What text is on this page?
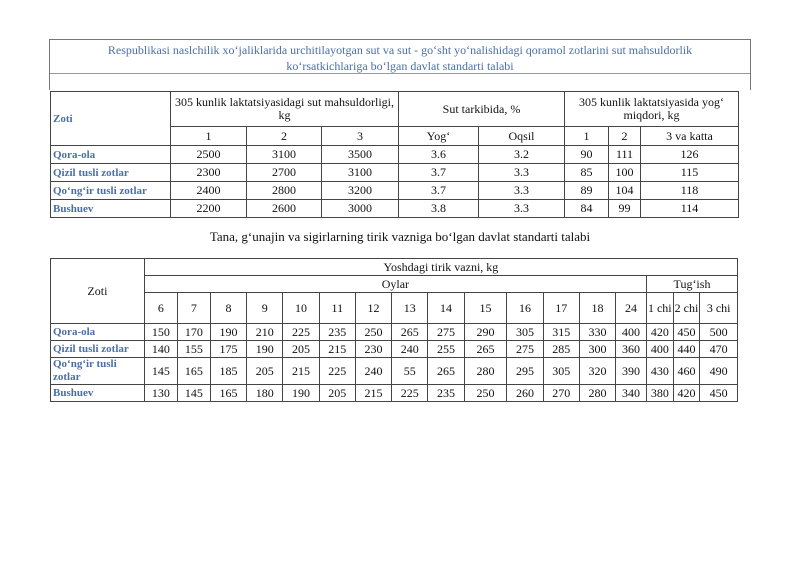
Respublikasi naslchilik xo‘jaliklarida urchitilayotgan sut va sut - go‘sht yo‘nalishidagi qoramol zotlarini sut mahsuldorlik
ko‘rsatkichlariga bo‘lgan davlat standarti talabi
Zoti	305 kunlik laktatsiyasidagi sut mahsuldorligi, kg			Sut tarkibida, %		305 kunlik laktatsiyasida yog‘ miqdori, kg		
	1	2	3	Yog‘	Oqsil	1	2	3 va katta
Qora-ola	2500	3100	3500	3.6	3.2	90	111	126
Qizil tusli zotlar	2300	2700	3100	3.7	3.3	85	100	115
Qo‘ng‘ir tusli zotlar	2400	2800	3200	3.7	3.3	89	104	118
Bushuev	2200	2600	3000	3.8	3.3	84	99	114
Tana, g‘unajin va sigirlarning tirik vazniga bo‘lgan davlat standarti talabi
Zoti	Yoshdagi tirik vazni, kg																
	Oylar														Tug‘ish		
	6	7	8	9	10	11	12	13	14	15	16	17	18	24	1 chi	2 chi	3 chi
Qora-ola	150	170	190	210	225	235	250	265	275	290	305	315	330	400	420	450	500
Qizil tusli zotlar	140	155	175	190	205	215	230	240	255	265	275	285	300	360	400	440	470
Qo‘ng‘ir tusli zotlar	145	165	185	205	215	225	240	55	265	280	295	305	320	390	430	460	490
Bushuev	130	145	165	180	190	205	215	225	235	250	260	270	280	340	380	420	450
